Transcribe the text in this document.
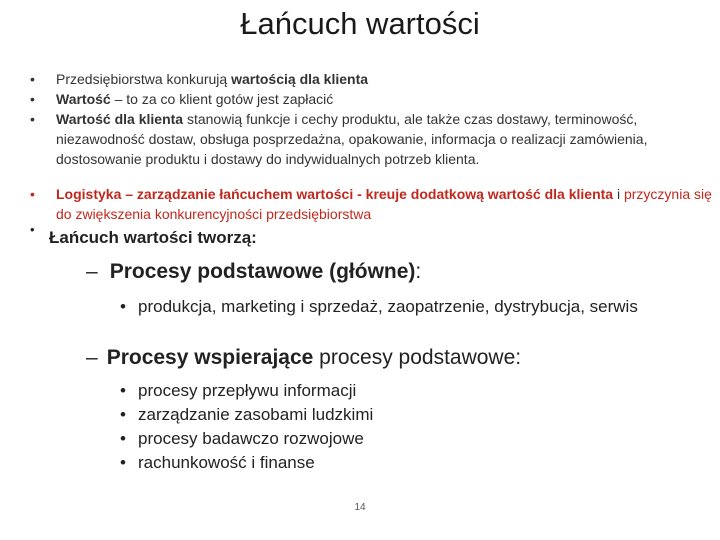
Łańcuch wartości
• Przedsiębiorstwa konkurują wartością dla klienta
• Wartość – to za co klient gotów jest zapłacić
• Wartość dla klienta stanowią funkcje i cechy produktu, ale także czas dostawy, terminowość, niezawodność dostaw, obsługa posprzedażna, opakowanie, informacja o realizacji zamówienia, dostosowanie produktu i dostawy do indywidualnych potrzeb klienta.
• Logistyka – zarządzanie łańcuchem wartości - kreuje dodatkową wartość dla klienta i przyczynia się do zwiększenia konkurencyjności przedsiębiorstwa
• Łańcuch wartości tworzą:
– Procesy podstawowe (główne):
• produkcja, marketing i sprzedaż, zaopatrzenie, dystrybucja, serwis
– Procesy wspierające procesy podstawowe:
• procesy przepływu informacji
• zarządzanie zasobami ludzkimi
• procesy badawczo rozwojowe
• rachunkowość i finanse
14
